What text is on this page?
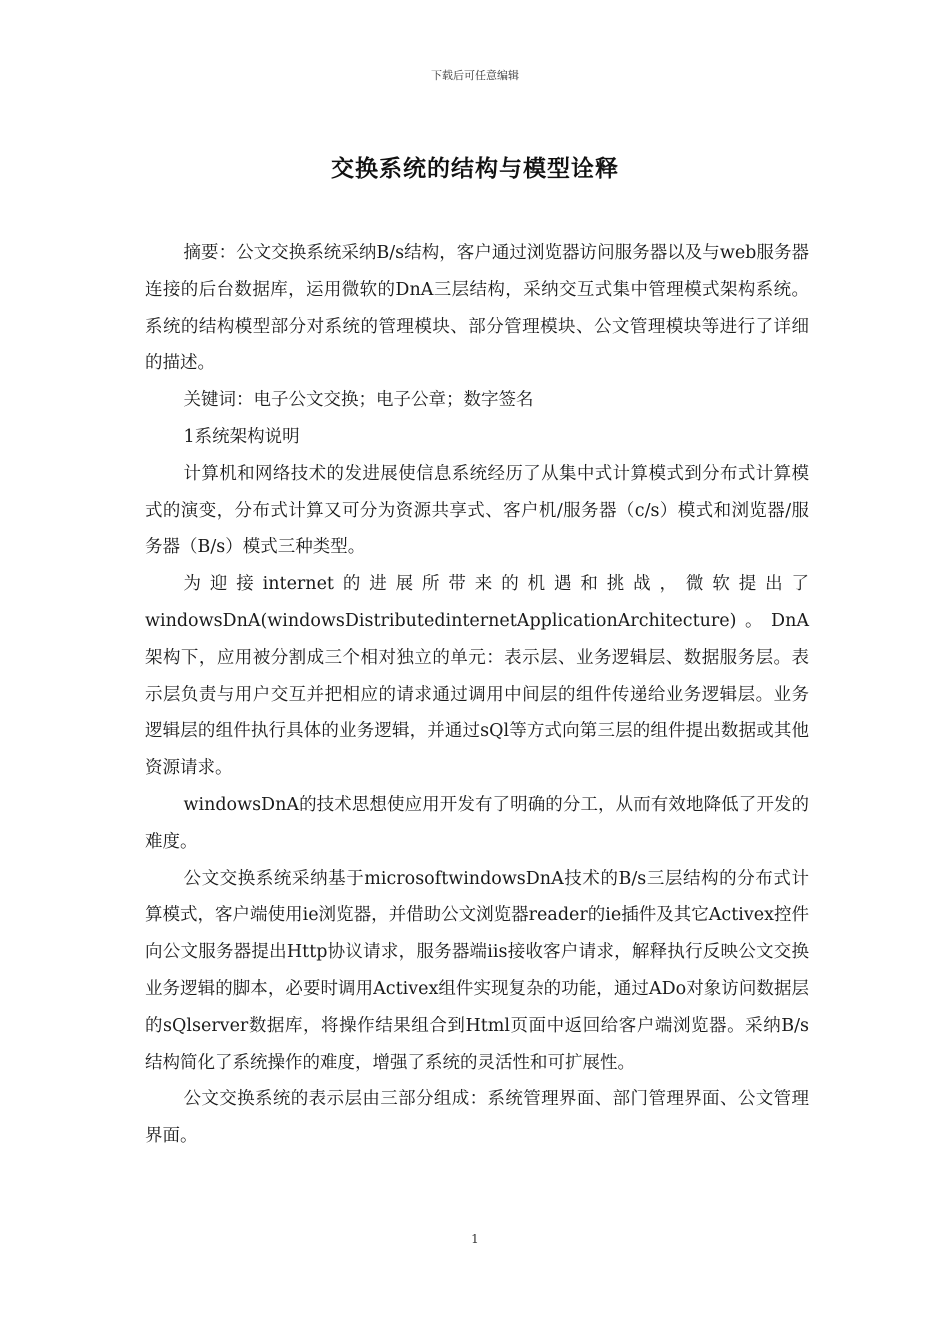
下载后可任意编辑
交换系统的结构与模型诠释

摘要：公文交换系统采纳B/s结构，客户通过浏览器访问服务器以及与web服务器连接的后台数据库，运用微软的DnA三层结构，采纳交互式集中管理模式架构系统。系统的结构模型部分对系统的管理模块、部分管理模块、公文管理模块等进行了详细的描述。

关键词：电子公文交换；电子公章；数字签名

1系统架构说明

计算机和网络技术的发进展使信息系统经历了从集中式计算模式到分布式计算模式的演变，分布式计算又可分为资源共享式、客户机/服务器（c/s）模式和浏览器/服务器（B/s）模式三种类型。

为迎接internet的进展所带来的机遇和挑战，微软提出了windowsDnA(windowsDistributedinternetApplicationArchitecture)。DnA架构下，应用被分割成三个相对独立的单元：表示层、业务逻辑层、数据服务层。表示层负责与用户交互并把相应的请求通过调用中间层的组件传递给业务逻辑层。业务逻辑层的组件执行具体的业务逻辑，并通过sQl等方式向第三层的组件提出数据或其他资源请求。

windowsDnA的技术思想使应用开发有了明确的分工，从而有效地降低了开发的难度。

公文交换系统采纳基于microsoftwindowsDnA技术的B/s三层结构的分布式计算模式，客户端使用ie浏览器，并借助公文浏览器reader的ie插件及其它Activex控件向公文服务器提出Http协议请求，服务器端iis接收客户请求，解释执行反映公文交换业务逻辑的脚本，必要时调用Activex组件实现复杂的功能，通过ADo对象访问数据层的sQlserver数据库，将操作结果组合到Html页面中返回给客户端浏览器。采纳B/s结构简化了系统操作的难度，增强了系统的灵活性和可扩展性。

公文交换系统的表示层由三部分组成：系统管理界面、部门管理界面、公文管理界面。

1
